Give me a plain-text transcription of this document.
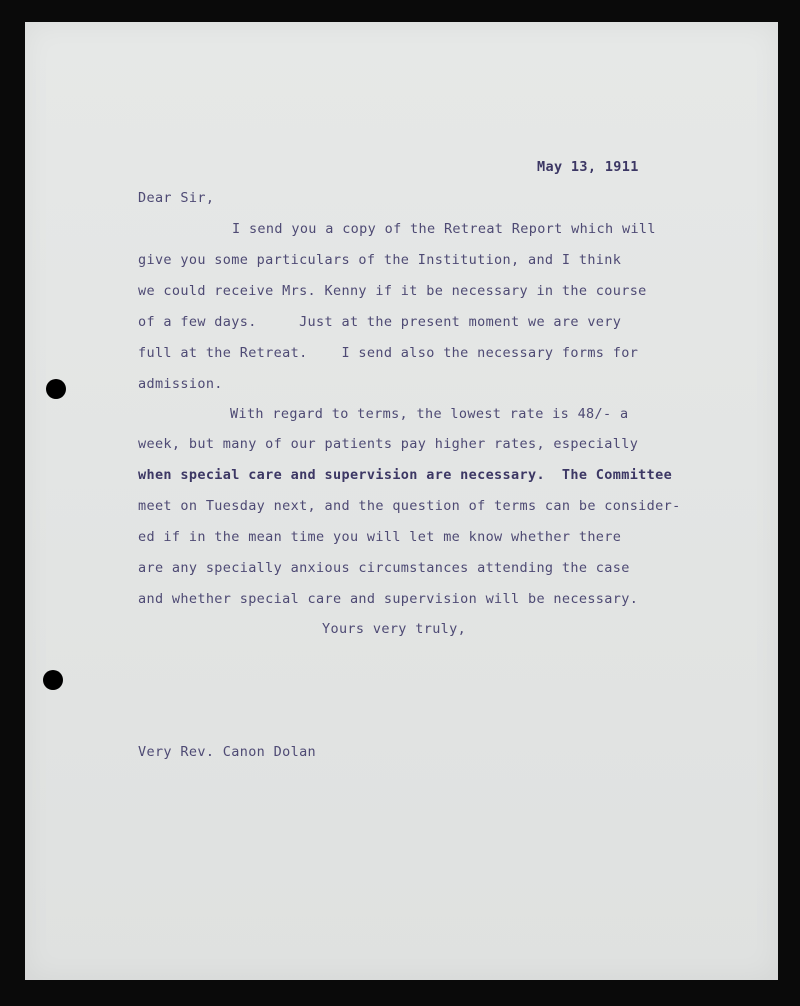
May 13, 1911
Dear Sir,
I send you a copy of the Retreat Report which will
give you some particulars of the Institution, and I think
we could receive Mrs. Kenny if it be necessary in the course
of a few days.     Just at the present moment we are very
full at the Retreat.    I send also the necessary forms for
admission.
With regard to terms, the lowest rate is 48/- a
week, but many of our patients pay higher rates, especially
when special care and supervision are necessary.  The Committee
meet on Tuesday next, and the question of terms can be consider-
ed if in the mean time you will let me know whether there
are any specially anxious circumstances attending the case
and whether special care and supervision will be necessary.
Yours very truly,
Very Rev. Canon Dolan
